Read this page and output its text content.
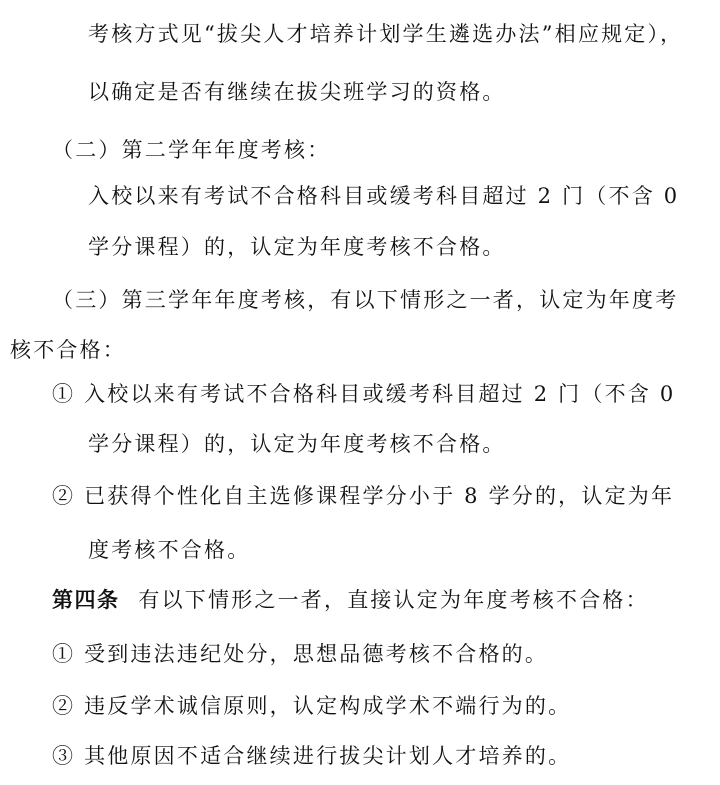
考核方式见“拔尖人才培养计划学生遴选办法”相应规定），
以确定是否有继续在拔尖班学习的资格。
（二）第二学年年度考核：
入校以来有考试不合格科目或缓考科目超过 2 门（不含 0
学分课程）的，认定为年度考核不合格。
（三）第三学年年度考核，有以下情形之一者，认定为年度考
核不合格：
① 入校以来有考试不合格科目或缓考科目超过 2 门（不含 0
学分课程）的，认定为年度考核不合格。
② 已获得个性化自主选修课程学分小于 8 学分的，认定为年
度考核不合格。
第四条 有以下情形之一者，直接认定为年度考核不合格：
① 受到违法违纪处分，思想品德考核不合格的。
② 违反学术诚信原则，认定构成学术不端行为的。
③ 其他原因不适合继续进行拔尖计划人才培养的。
